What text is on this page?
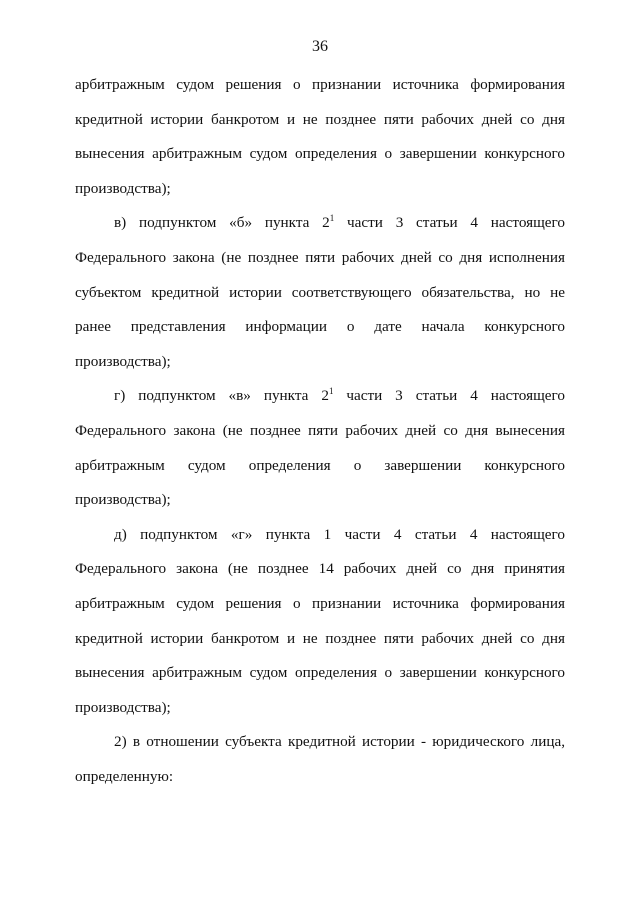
36
арбитражным судом решения о признании источника формирования
кредитной истории банкротом и не позднее пяти рабочих дней со дня
вынесения арбитражным судом определения о завершении конкурсного
производства);
в) подпунктом «б» пункта $2^1$ части 3 статьи 4 настоящего
Федерального закона (не позднее пяти рабочих дней со дня исполнения
субъектом кредитной истории соответствующего обязательства, но не
ранее представления информации о дате начала конкурсного
производства);
г) подпунктом «в» пункта $2^1$ части 3 статьи 4 настоящего
Федерального закона (не позднее пяти рабочих дней со дня вынесения
арбитражным судом определения о завершении конкурсного
производства);
д) подпунктом «г» пункта 1 части 4 статьи 4 настоящего
Федерального закона (не позднее 14 рабочих дней со дня принятия
арбитражным судом решения о признании источника формирования
кредитной истории банкротом и не позднее пяти рабочих дней со дня
вынесения арбитражным судом определения о завершении конкурсного
производства);
2) в отношении субъекта кредитной истории - юридического лица,
определенную:
